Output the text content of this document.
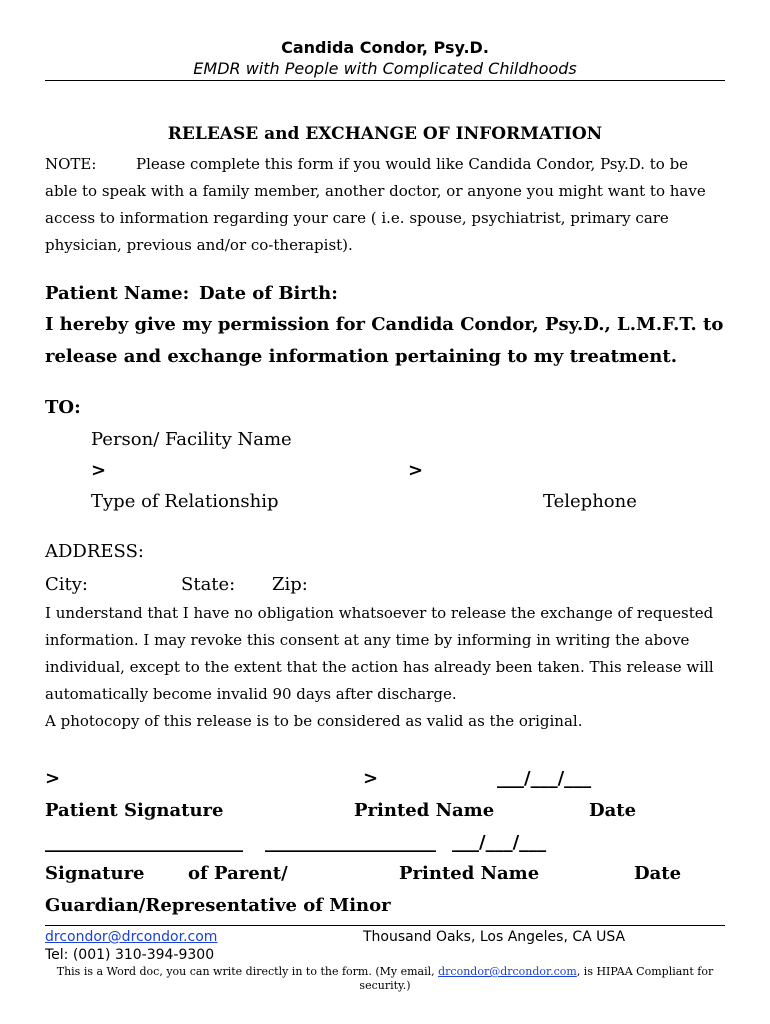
Candida Condor, Psy.D.
EMDR with People with Complicated Childhoods
RELEASE and EXCHANGE OF INFORMATION
NOTE:	Please complete this form if you would like Candida Condor, Psy.D. to be
able to speak with a family member, another doctor, or anyone you might want to have
access to information regarding your care ( i.e. spouse, psychiatrist, primary care
physician, previous and/or co-therapist).
Patient Name: Date of Birth:
I hereby give my permission for Candida Condor, Psy.D., L.M.F.T. to
release and exchange information pertaining to my treatment.
TO:
Person/ Facility Name
>	>
Type of Relationship	Telephone
ADDRESS:
City:	State: Zip:
I understand that I have no obligation whatsoever to release the exchange of requested
information. I may revoke this consent at any time by informing in writing the above
individual, except to the extent that the action has already been taken. This release will
automatically become invalid 90 days after discharge.
A photocopy of this release is to be considered as valid as the original.
>	>	___/___/___
Patient Signature	Printed Name	Date
______________________ ___________________ ___/___/___
Signature of Parent/	Printed Name	Date
Guardian/Representative of Minor
drcondor@drcondor.com	Thousand Oaks, Los Angeles, CA USA
Tel: (001) 310-394-9300
This is a Word doc, you can write directly in to the form. (My email, drcondor@drcondor.com, is HIPAA Compliant for
security.)
